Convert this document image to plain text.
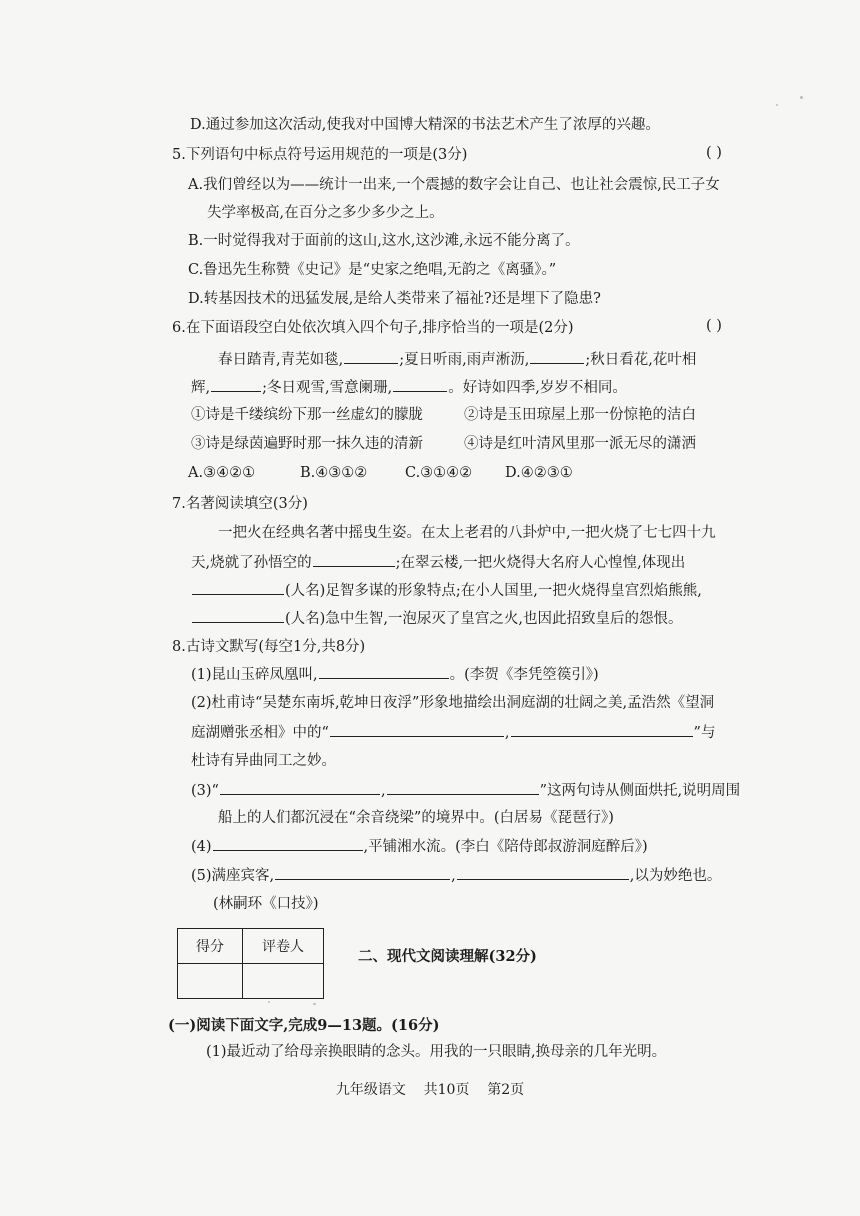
D.通过参加这次活动,使我对中国博大精深的书法艺术产生了浓厚的兴趣。
5.下列语句中标点符号运用规范的一项是(3分)	( )
A.我们曾经以为——统计一出来,一个震撼的数字会让自己、也让社会震惊,民工子女
失学率极高,在百分之多少多少之上。
B.一时觉得我对于面前的这山,这水,这沙滩,永远不能分离了。
C.鲁迅先生称赞《史记》是“史家之绝唱,无韵之《离骚》。”
D.转基因技术的迅猛发展,是给人类带来了福祉?还是埋下了隐患?
6.在下面语段空白处依次填入四个句子,排序恰当的一项是(2分)	( )
春日踏青,青芜如毯,	;夏日听雨,雨声淅沥,	;秋日看花,花叶相
辉,	;冬日观雪,雪意阑珊,	。好诗如四季,岁岁不相同。
①诗是千缕缤纷下那一丝虚幻的朦胧	②诗是玉田琼屋上那一份惊艳的洁白
③诗是绿茵遍野时那一抹久违的清新	④诗是红叶清风里那一派无尽的潇洒
A.③④②①	B.④③①②	C.③①④② D.④②③①
7.名著阅读填空(3分)
一把火在经典名著中摇曳生姿。在太上老君的八卦炉中,一把火烧了七七四十九
天,烧就了孙悟空的	;在翠云楼,一把火烧得大名府人心惶惶,体现出
(人名)足智多谋的形象特点;在小人国里,一把火烧得皇宫烈焰熊熊,
(人名)急中生智,一泡尿灭了皇宫之火,也因此招致皇后的怨恨。
8.古诗文默写(每空1分,共8分)
(1)昆山玉碎凤凰叫,	。(李贺《李凭箜篌引》)
(2)杜甫诗“吴楚东南坼,乾坤日夜浮”形象地描绘出洞庭湖的壮阔之美,孟浩然《望洞
庭湖赠张丞相》中的“	,	”与
杜诗有异曲同工之妙。
(3)“	,	”这两句诗从侧面烘托,说明周围
船上的人们都沉浸在“余音绕梁”的境界中。(白居易《琵琶行》)
(4)	,平铺湘水流。(李白《陪侍郎叔游洞庭醉后》)
(5)满座宾客,	,	,以为妙绝也。
(林嗣环《口技》)
得分	评卷人

二、现代文阅读理解(32分)
(一)阅读下面文字,完成9—13题。(16分)
(1)最近动了给母亲换眼睛的念头。用我的一只眼睛,换母亲的几年光明。
九年级语文    共10页    第2页
